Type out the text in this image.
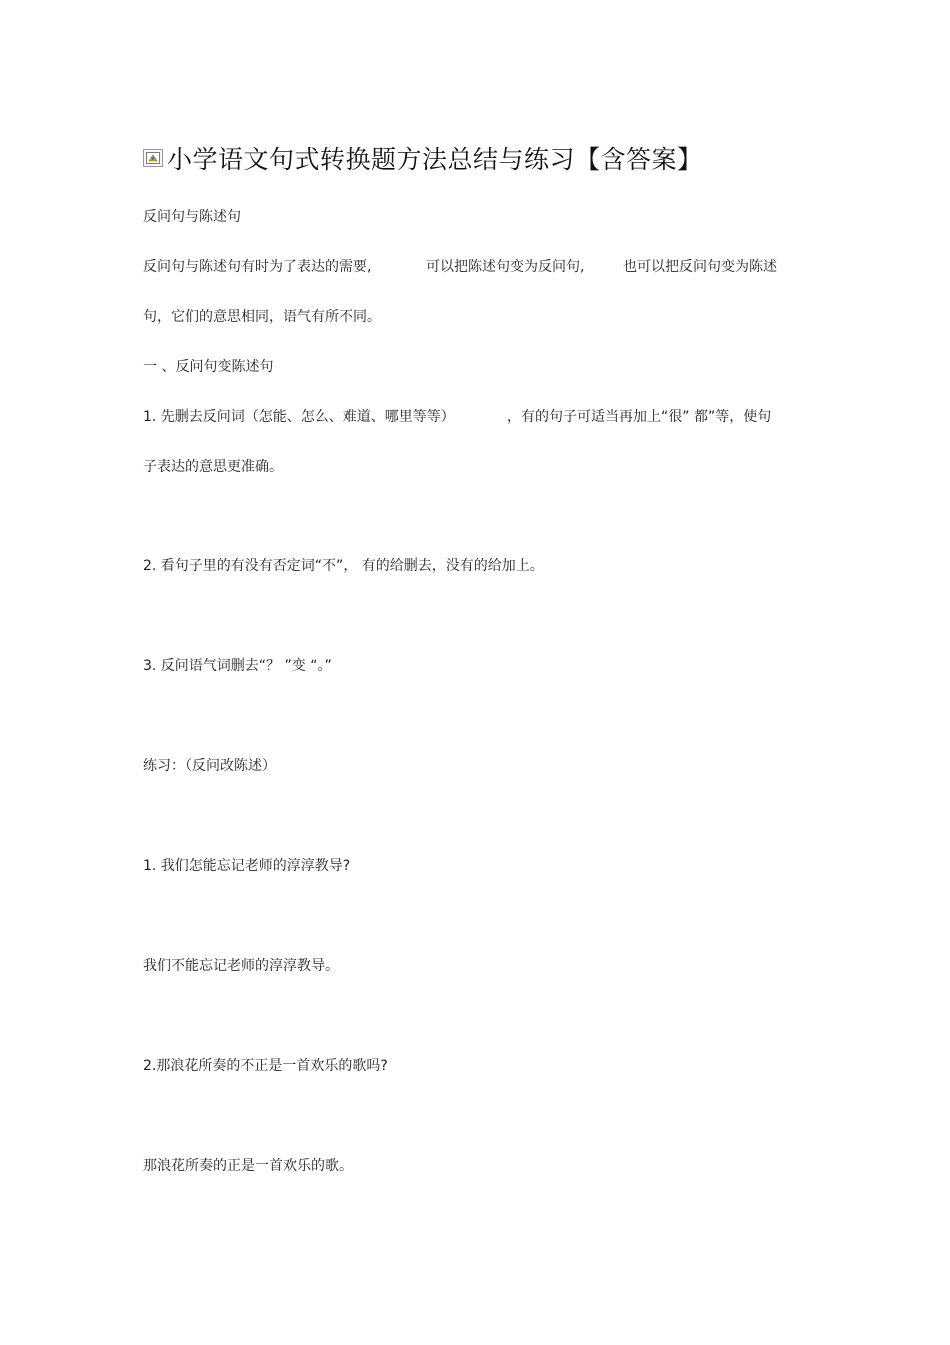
小学语文句式转换题方法总结与练习【含答案】
反问句与陈述句
反问句与陈述句有时为了表达的需要,	可以把陈述句变为反问句,	也可以把反问句变为陈述
句，它们的意思相同，语气有所不同。
一 、反问句变陈述句
1. 先删去反问词（怎能、怎么、难道、哪里等等）	，有的句子可适当再加上“很” 都”等，使句
子表达的意思更准确。
2. 看句子里的有没有否定词“不”， 有的给删去，没有的给加上。
3. 反问语气词删去“？ ”变 “。”
练习：（反问改陈述）
1. 我们怎能忘记老师的淳淳教导?
我们不能忘记老师的淳淳教导。
2.那浪花所奏的不正是一首欢乐的歌吗?
那浪花所奏的正是一首欢乐的歌。
